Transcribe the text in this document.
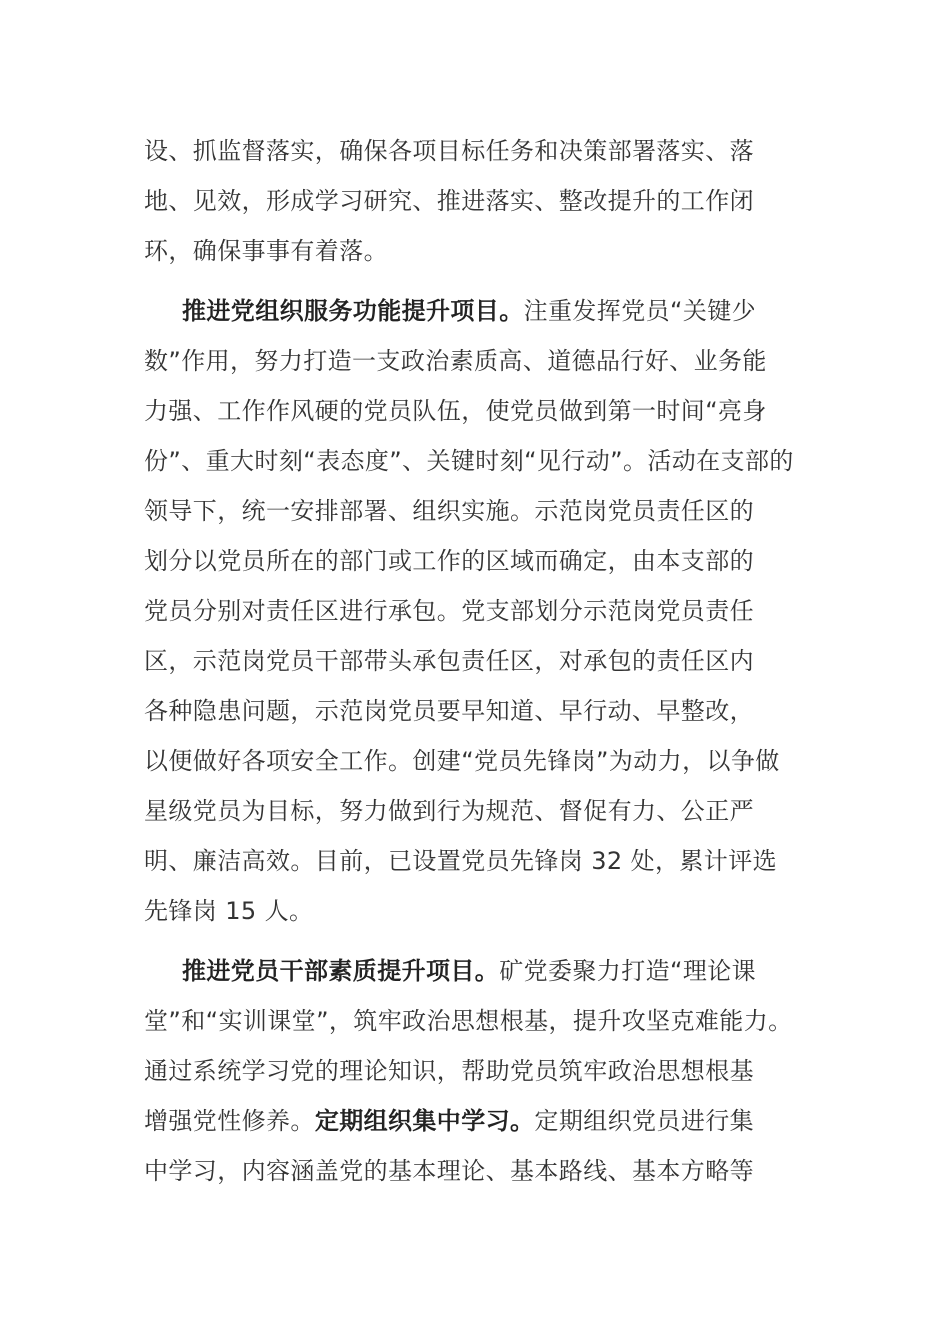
设、抓监督落实，确保各项目标任务和决策部署落实、落
地、见效，形成学习研究、推进落实、整改提升的工作闭
环，确保事事有着落。
推进党组织服务功能提升项目。注重发挥党员“关键少
数”作用，努力打造一支政治素质高、道德品行好、业务能
力强、工作作风硬的党员队伍，使党员做到第一时间“亮身
份”、重大时刻“表态度”、关键时刻“见行动”。活动在支部的
领导下，统一安排部署、组织实施。示范岗党员责任区的
划分以党员所在的部门或工作的区域而确定，由本支部的
党员分别对责任区进行承包。党支部划分示范岗党员责任
区，示范岗党员干部带头承包责任区，对承包的责任区内
各种隐患问题，示范岗党员要早知道、早行动、早整改，
以便做好各项安全工作。创建“党员先锋岗”为动力，以争做
星级党员为目标，努力做到行为规范、督促有力、公正严
明、廉洁高效。目前，已设置党员先锋岗 32 处，累计评选
先锋岗 15 人。
推进党员干部素质提升项目。矿党委聚力打造“理论课
堂”和“实训课堂”，筑牢政治思想根基，提升攻坚克难能力。
通过系统学习党的理论知识，帮助党员筑牢政治思想根基
增强党性修养。定期组织集中学习。定期组织党员进行集
中学习，内容涵盖党的基本理论、基本路线、基本方略等
